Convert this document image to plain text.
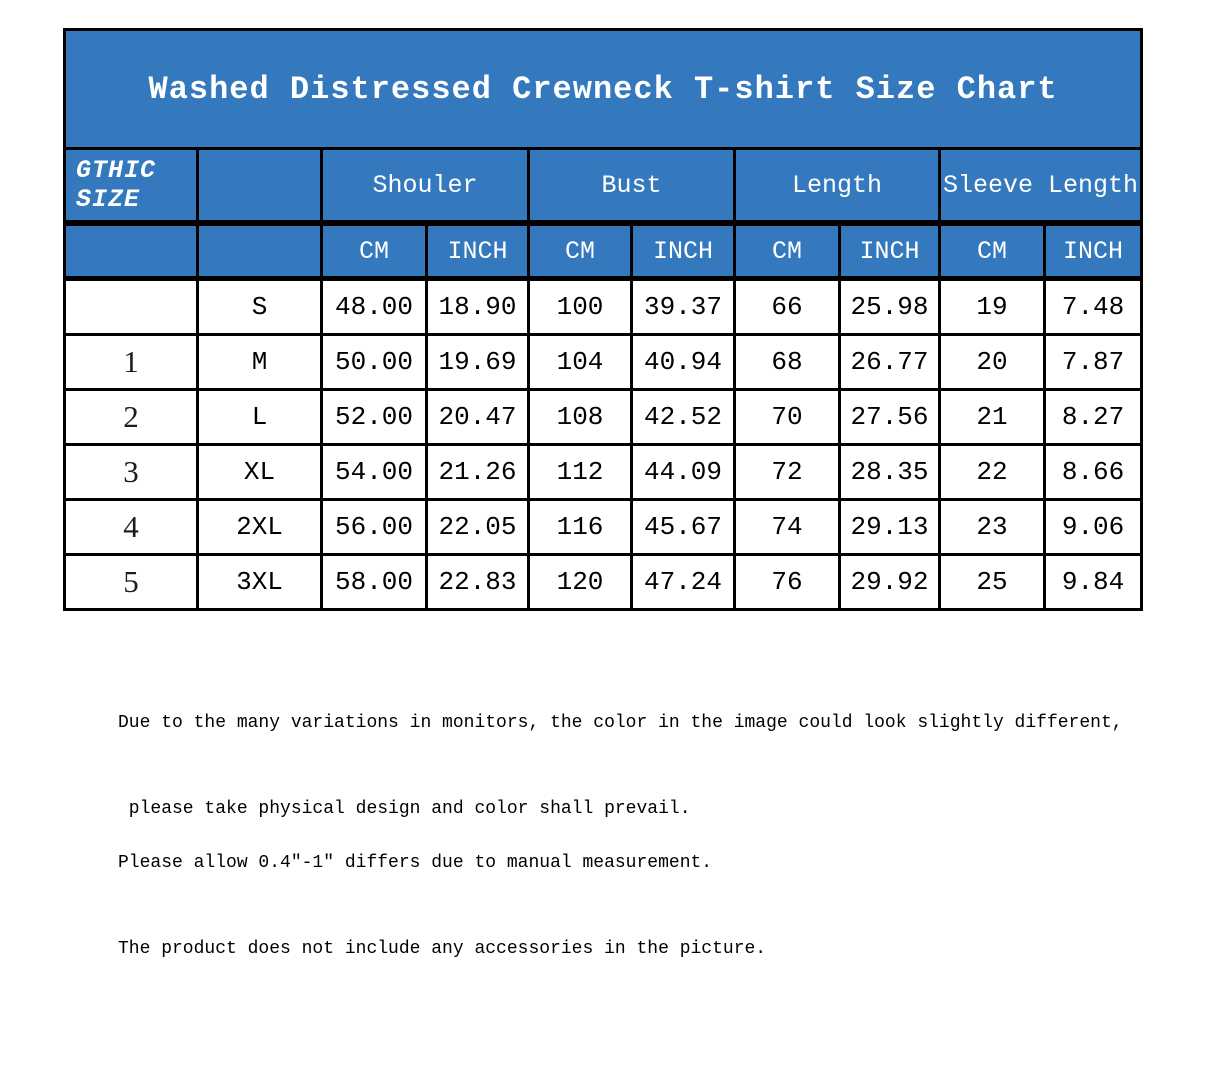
Washed Distressed Crewneck T-shirt Size Chart									
GTHIC SIZE		Shouler		Bust		Length		Sleeve Length	
		CM	INCH	CM	INCH	CM	INCH	CM	INCH
	S	48.00	18.90	100	39.37	66	25.98	19	7.48
1	M	50.00	19.69	104	40.94	68	26.77	20	7.87
2	L	52.00	20.47	108	42.52	70	27.56	21	8.27
3	XL	54.00	21.26	112	44.09	72	28.35	22	8.66
4	2XL	56.00	22.05	116	45.67	74	29.13	23	9.06
5	3XL	58.00	22.83	120	47.24	76	29.92	25	9.84

Due to the many variations in monitors, the color in the image could look slightly different,

please take physical design and color shall prevail.

Please allow 0.4"-1" differs due to manual measurement.

The product does not include any accessories in the picture.
